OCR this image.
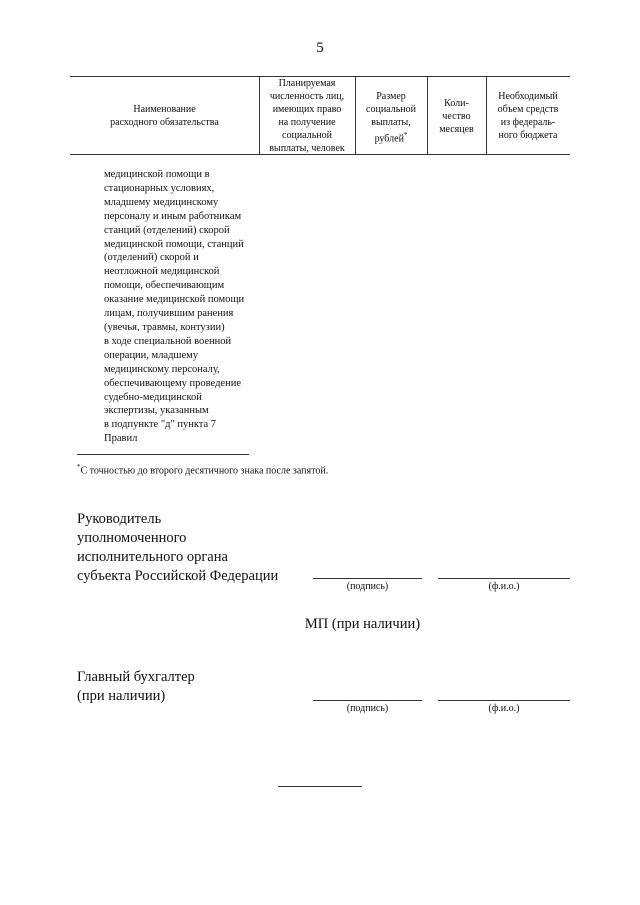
5
Наименование
расходного обязательства
Планируемая
численность лиц,
имеющих право
на получение
социальной
выплаты, человек
Размер
социальной
выплаты,
рублей*
Коли-
чество
месяцев
Необходимый
объем средств
из федераль-
ного бюджета
медицинской помощи в
стационарных условиях,
младшему медицинскому
персоналу и иным работникам
станций (отделений) скорой
медицинской помощи, станций
(отделений) скорой и
неотложной медицинской
помощи, обеспечивающим
оказание медицинской помощи
лицам, получившим ранения
(увечья, травмы, контузии)
в ходе специальной военной
операции, младшему
медицинскому персоналу,
обеспечивающему проведение
судебно-медицинской
экспертизы, указанным
в подпункте "д" пункта 7
Правил
*С точностью до второго десятичного знака после запятой.
Руководитель
уполномоченного
исполнительного органа
субъекта Российской Федерации
(подпись)	(ф.и.о.)
МП (при наличии)
Главный бухгалтер
(при наличии)
(подпись)	(ф.и.о.)
